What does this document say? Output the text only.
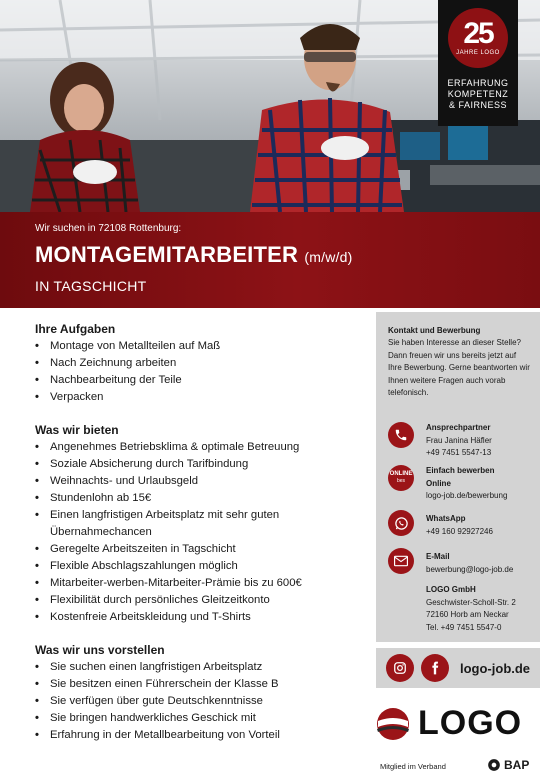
25
JAHRE LOGO
ERFAHRUNG
KOMPETENZ
& FAIRNESS
Wir suchen in 72108 Rottenburg:
MONTAGEMITARBEITER (m/w/d)
IN TAGSCHICHT
Ihre Aufgaben
• Montage von Metallteilen auf Maß
• Nach Zeichnung arbeiten
• Nachbearbeitung der Teile
• Verpacken
Was wir bieten
• Angenehmes Betriebsklima & optimale Betreuung
• Soziale Absicherung durch Tarifbindung
• Weihnachts- und Urlaubsgeld
• Stundenlohn ab 15€
• Einen langfristigen Arbeitsplatz mit sehr guten Übernahmechancen
• Geregelte Arbeitszeiten in Tagschicht
• Flexible Abschlagszahlungen möglich
• Mitarbeiter-werben-Mitarbeiter-Prämie bis zu 600€
• Flexibilität durch persönliches Gleitzeitkonto
• Kostenfreie Arbeitskleidung und T-Shirts
Was wir uns vorstellen
• Sie suchen einen langfristigen Arbeitsplatz
• Sie besitzen einen Führerschein der Klasse B
• Sie verfügen über gute Deutschkenntnisse
• Sie bringen handwerkliches Geschick mit
• Erfahrung in der Metallbearbeitung von Vorteil
Kontakt und Bewerbung
Sie haben Interesse an dieser Stelle? Dann freuen wir uns bereits jetzt auf Ihre Bewerbung. Gerne beantworten wir Ihnen weitere Fragen auch vorab telefonisch.
Ansprechpartner
Frau Janina Häfler
+49 7451 5547-13
ONLINE
bes
Einfach bewerben
Online
logo-job.de/bewerbung
WhatsApp
+49 160 92927246
E-Mail
bewerbung@logo-job.de
LOGO GmbH
Geschwister-Scholl-Str. 2
72160 Horb am Neckar
Tel. +49 7451 5547-0
logo-job.de
LOGO
Mitglied im Verband	BAP
